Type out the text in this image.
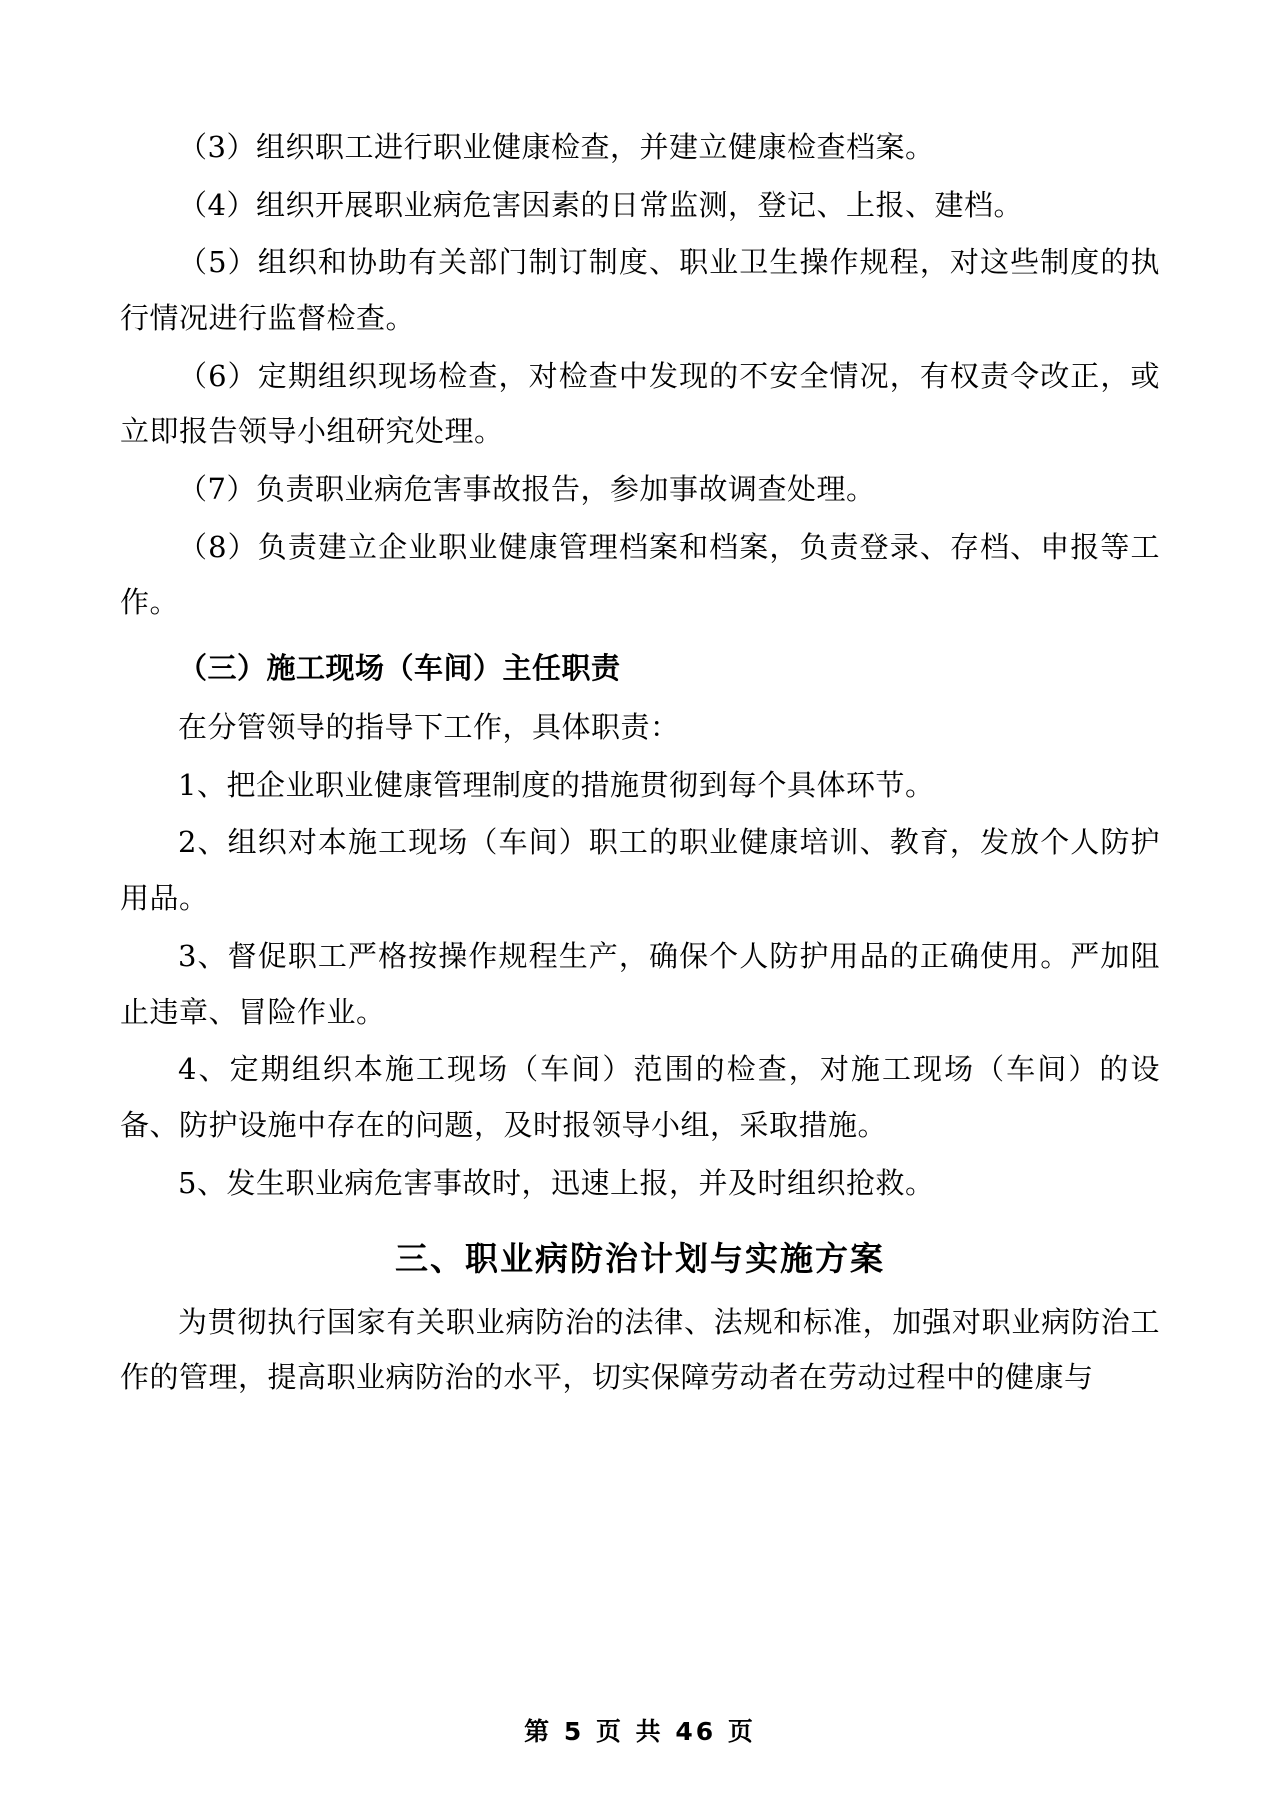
（3）组织职工进行职业健康检查，并建立健康检查档案。
（4）组织开展职业病危害因素的日常监测，登记、上报、建档。
（5）组织和协助有关部门制订制度、职业卫生操作规程，对这些制度的执行情况进行监督检查。
（6）定期组织现场检查，对检查中发现的不安全情况，有权责令改正，或立即报告领导小组研究处理。
（7）负责职业病危害事故报告，参加事故调查处理。
（8）负责建立企业职业健康管理档案和档案，负责登录、存档、申报等工作。
（三）施工现场（车间）主任职责
在分管领导的指导下工作，具体职责：
1、把企业职业健康管理制度的措施贯彻到每个具体环节。
2、组织对本施工现场（车间）职工的职业健康培训、教育，发放个人防护用品。
3、督促职工严格按操作规程生产，确保个人防护用品的正确使用。严加阻止违章、冒险作业。
4、定期组织本施工现场（车间）范围的检查，对施工现场（车间）的设备、防护设施中存在的问题，及时报领导小组，采取措施。
5、发生职业病危害事故时，迅速上报，并及时组织抢救。
三、职业病防治计划与实施方案
为贯彻执行国家有关职业病防治的法律、法规和标准，加强对职业病防治工作的管理，提高职业病防治的水平，切实保障劳动者在劳动过程中的健康与
第 5 页 共 46 页
